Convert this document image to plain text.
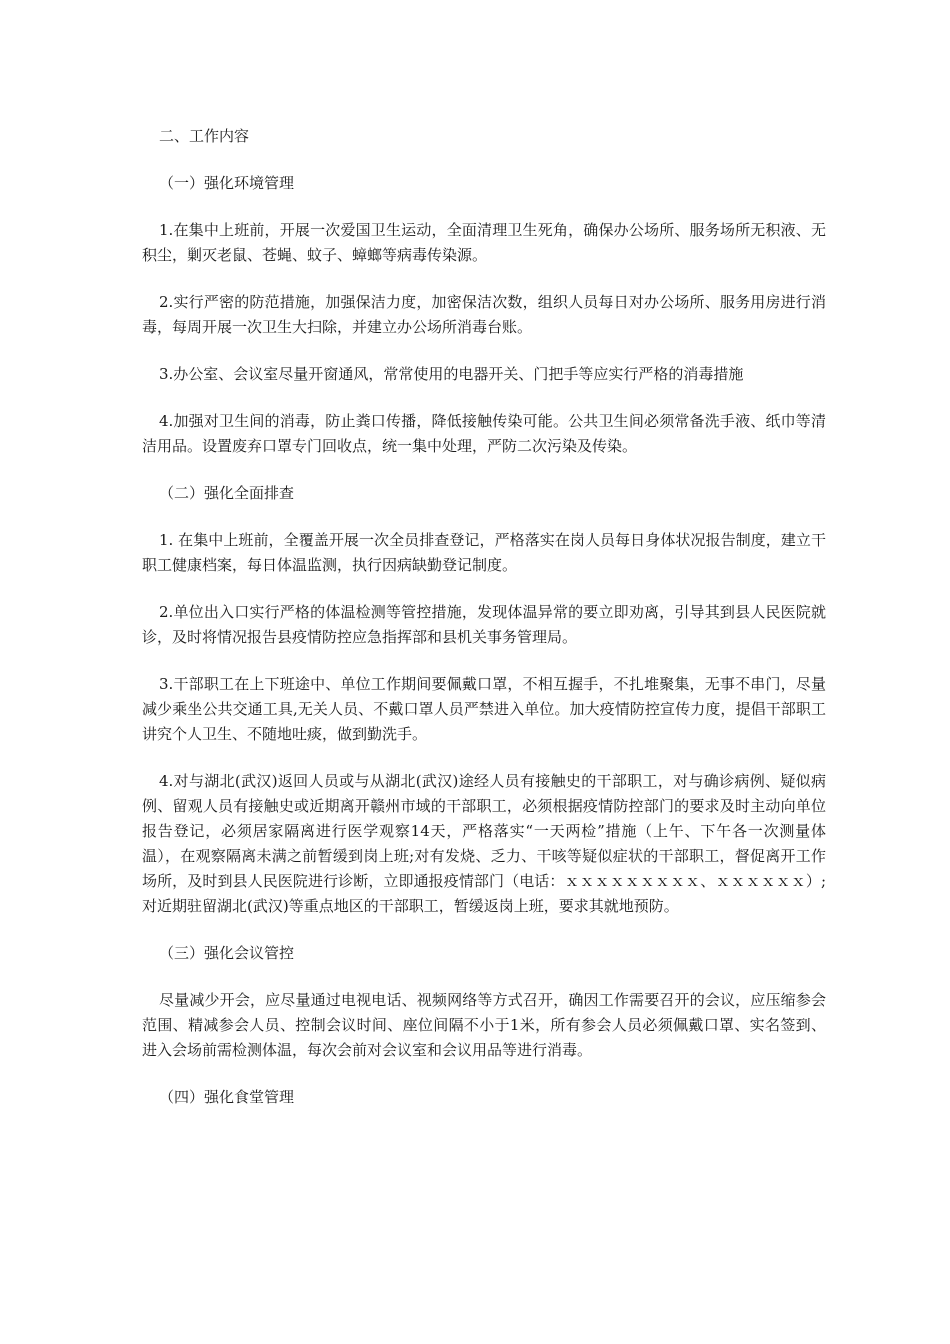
二、工作内容
（一）强化环境管理

1.在集中上班前，开展一次爱国卫生运动，全面清理卫生死角，确保办公场所、服务场所无积液、无积尘，剿灭老鼠、苍蝇、蚊子、蟑螂等病毒传染源。

2.实行严密的防范措施，加强保洁力度，加密保洁次数，组织人员每日对办公场所、服务用房进行消毒，每周开展一次卫生大扫除，并建立办公场所消毒台账。

3.办公室、会议室尽量开窗通风，常常使用的电器开关、门把手等应实行严格的消毒措施

4.加强对卫生间的消毒，防止粪口传播，降低接触传染可能。公共卫生间必须常备洗手液、纸巾等清洁用品。设置废弃口罩专门回收点，统一集中处理，严防二次污染及传染。

（二）强化全面排查

1. 在集中上班前，全覆盖开展一次全员排查登记，严格落实在岗人员每日身体状况报告制度，建立干职工健康档案，每日体温监测，执行因病缺勤登记制度。

2.单位出入口实行严格的体温检测等管控措施，发现体温异常的要立即劝离，引导其到县人民医院就诊，及时将情况报告县疫情防控应急指挥部和县机关事务管理局。

3.干部职工在上下班途中、单位工作期间要佩戴口罩，不相互握手，不扎堆聚集，无事不串门，尽量减少乘坐公共交通工具,无关人员、不戴口罩人员严禁进入单位。加大疫情防控宣传力度，提倡干部职工讲究个人卫生、不随地吐痰，做到勤洗手。

4.对与湖北(武汉)返回人员或与从湖北(武汉)途经人员有接触史的干部职工，对与确诊病例、疑似病例、留观人员有接触史或近期离开赣州市域的干部职工，必须根据疫情防控部门的要求及时主动向单位报告登记，必须居家隔离进行医学观察14天，严格落实“一天两检”措施（上午、下午各一次测量体温），在观察隔离未满之前暂缓到岗上班;对有发烧、乏力、干咳等疑似症状的干部职工，督促离开工作场所，及时到县人民医院进行诊断，立即通报疫情部门（电话：ｘｘｘｘｘｘｘｘｘ、ｘｘｘｘｘｘ）;对近期驻留湖北(武汉)等重点地区的干部职工，暂缓返岗上班，要求其就地预防。

（三）强化会议管控

尽量减少开会，应尽量通过电视电话、视频网络等方式召开，确因工作需要召开的会议，应压缩参会范围、精减参会人员、控制会议时间、座位间隔不小于1米，所有参会人员必须佩戴口罩、实名签到、进入会场前需检测体温，每次会前对会议室和会议用品等进行消毒。

（四）强化食堂管理
